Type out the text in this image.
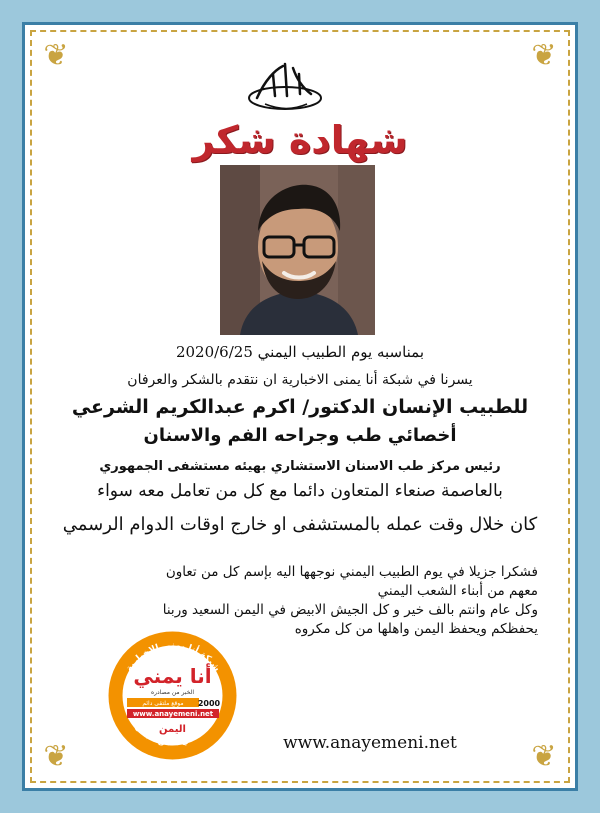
❦	❦
❦	❦
شهادة شكر
بمناسبه يوم الطبيب اليمني 2020/6/25
يسرنا في شبكة أنا يمنى الاخبارية ان نتقدم بالشكر والعرفان
للطبيب الإنسان الدكتور/ اكرم عبدالكريم الشرعي
أخصائي طب وجراحه الفم والاسنان
رئيس مركز طب الاسنان الاستشاري بهيئه مستشفى الجمهوري
بالعاصمة صنعاء المتعاون دائما مع كل من تعامل معه سواء
كان خلال وقت عمله بالمستشفى او خارج اوقات الدوام الرسمي

فشكرا جزيلا في يوم الطبيب اليمني نوجهها اليه بإسم كل من تعاون

معهم من أبناء الشعب اليمني

وكل عام وانتم بالف خير و كل الجيش الابيض في اليمن السعيد وربنا

يحفظكم ويحفظ اليمن واهلها من كل مكروه

شبكة أنا يمني الإخبارية
أنا يمني
الخبر من مصادره
موقع ملتقى دائم 2000
www.anayemeni.net
اليمن
أمانة في أعناق الجميع
www.anayemeni.net
